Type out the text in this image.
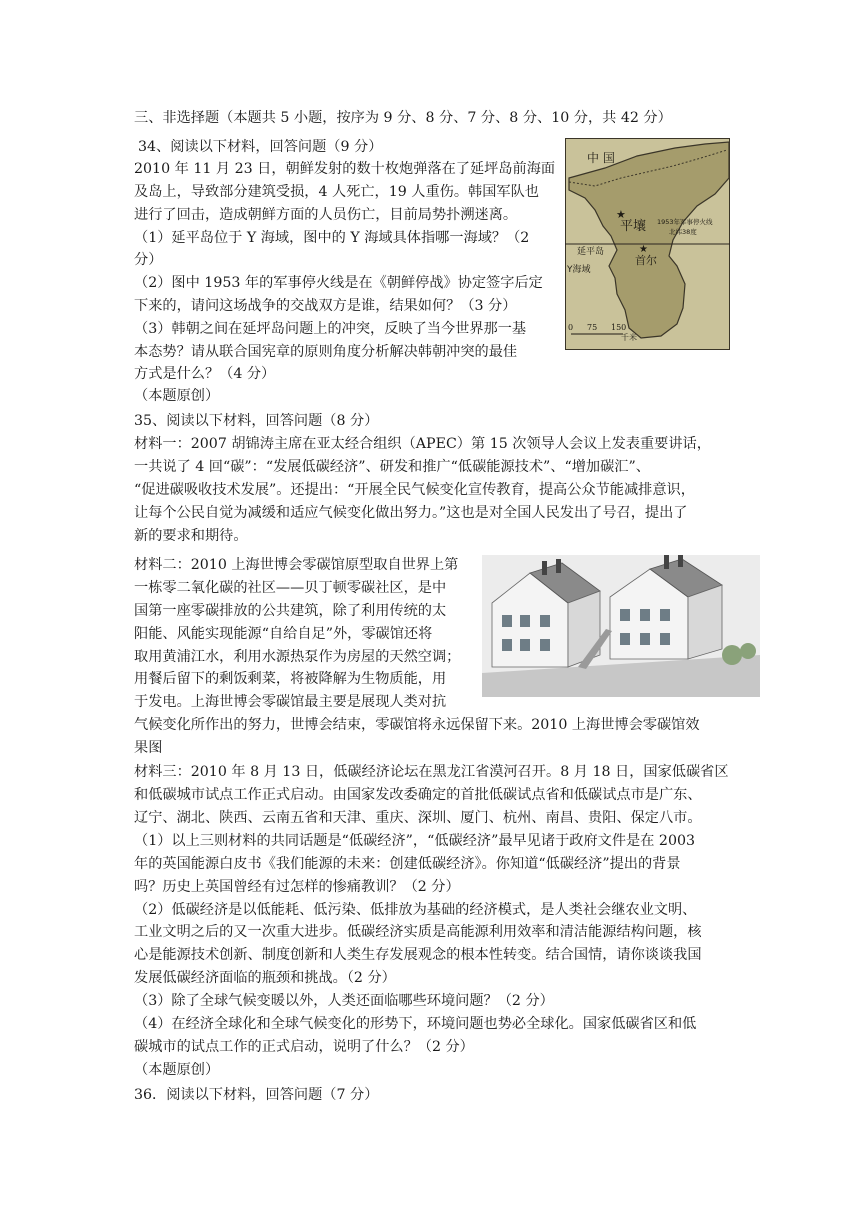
三、非选择题（本题共 5 小题，按序为 9 分、8 分、7 分、8 分、10 分，共 42 分）
34、阅读以下材料，回答问题（9 分）
2010 年 11 月 23 日，朝鲜发射的数十枚炮弹落在了延坪岛前海面
及岛上，导致部分建筑受损，4 人死亡，19 人重伤。韩国军队也
进行了回击，造成朝鲜方面的人员伤亡，目前局势扑溯迷离。
（1）延平岛位于 Y 海域，图中的 Y 海域具体指哪一海域？（2
分）
（2）图中 1953 年的军事停火线是在《朝鲜停战》协定签字后定
下来的，请问这场战争的交战双方是谁，结果如何？（3 分）
（3）韩朝之间在延坪岛问题上的冲突，反映了当今世界那一基
本态势？请从联合国宪章的原则角度分析解决韩朝冲突的最佳
方式是什么？（4 分）
（本题原创）
★
★
中 国
平壤
首尔
延平岛
Y海域
1953年军事停火线
北纬38度
0 75 150
千米
35、阅读以下材料，回答问题（8 分）
材料一：2007 胡锦涛主席在亚太经合组织（APEC）第 15 次领导人会议上发表重要讲话，
一共说了 4 回“碳”：“发展低碳经济”、研发和推广“低碳能源技术”、“增加碳汇”、
“促进碳吸收技术发展”。还提出：“开展全民气候变化宣传教育，提高公众节能减排意识，
让每个公民自觉为减缓和适应气候变化做出努力。”这也是对全国人民发出了号召，提出了
新的要求和期待。
材料二：2010 上海世博会零碳馆原型取自世界上第
一栋零二氧化碳的社区——贝丁顿零碳社区，是中
国第一座零碳排放的公共建筑，除了利用传统的太
阳能、风能实现能源“自给自足”外，零碳馆还将
取用黄浦江水，利用水源热泵作为房屋的天然空调；
用餐后留下的剩饭剩菜，将被降解为生物质能，用
于发电。上海世博会零碳馆最主要是展现人类对抗
气候变化所作出的努力，世博会结束，零碳馆将永远保留下来。2010 上海世博会零碳馆效
果图
材料三：2010 年 8 月 13 日，低碳经济论坛在黑龙江省漠河召开。8 月 18 日，国家低碳省区
和低碳城市试点工作正式启动。由国家发改委确定的首批低碳试点省和低碳试点市是广东、
辽宁、湖北、陕西、云南五省和天津、重庆、深圳、厦门、杭州、南昌、贵阳、保定八市。
（1）以上三则材料的共同话题是“低碳经济”，“低碳经济”最早见诸于政府文件是在 2003
年的英国能源白皮书《我们能源的未来：创建低碳经济》。你知道“低碳经济”提出的背景
吗？历史上英国曾经有过怎样的惨痛教训？（2 分）
（2）低碳经济是以低能耗、低污染、低排放为基础的经济模式，是人类社会继农业文明、
工业文明之后的又一次重大进步。低碳经济实质是高能源利用效率和清洁能源结构问题，核
心是能源技术创新、制度创新和人类生存发展观念的根本性转变。结合国情，请你谈谈我国
发展低碳经济面临的瓶颈和挑战。（2 分）
（3）除了全球气候变暖以外，人类还面临哪些环境问题？（2 分）
（4）在经济全球化和全球气候变化的形势下，环境问题也势必全球化。国家低碳省区和低
碳城市的试点工作的正式启动，说明了什么？（2 分）
（本题原创）
36．阅读以下材料，回答问题（7 分）
